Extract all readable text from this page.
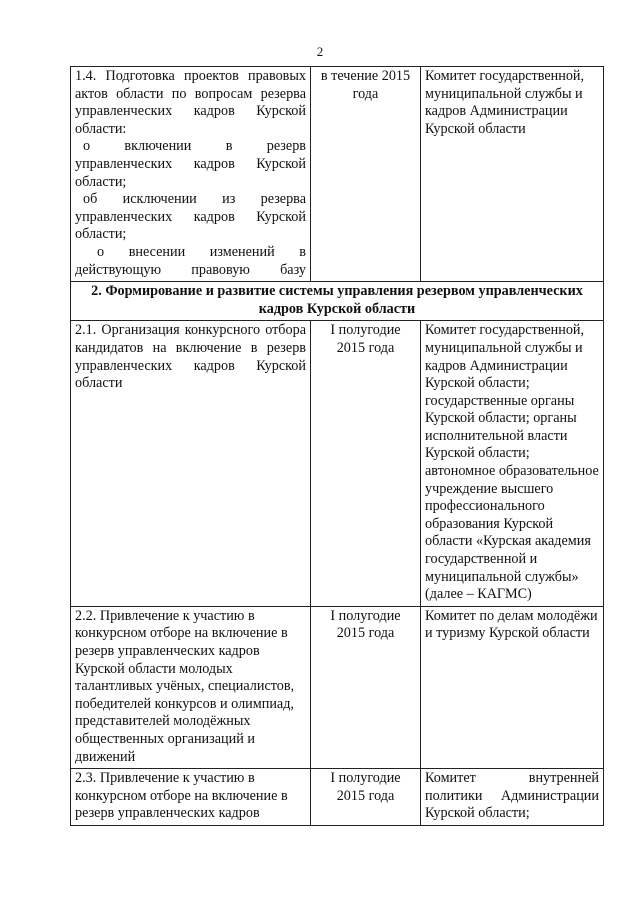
2
1.4. Подготовка проектов правовых актов области по вопросам резерва управленческих кадров Курской области:
о включении в резерв управленческих кадров Курской области;
об исключении из резерва управленческих кадров Курской области;
о внесении изменений в действующую правовую базу	в течение 2015 года	Комитет государственной, муниципальной службы и кадров Администрации Курской области
2. Формирование и развитие системы управления резервом управленческих кадров Курской области		
2.1. Организация конкурсного отбора кандидатов на включение в резерв управленческих кадров Курской области	I полугодие 2015 года	Комитет государственной, муниципальной службы и кадров Администрации Курской области; государственные органы Курской области; органы исполнительной власти Курской области; автономное образовательное учреждение высшего профессионального образования Курской области «Курская академия государственной и муниципальной службы» (далее – КАГМС)
2.2. Привлечение к участию в конкурсном отборе на включение в резерв управленческих кадров Курской области молодых талантливых учёных, специалистов, победителей конкурсов и олимпиад, представителей молодёжных общественных организаций и движений	I полугодие 2015 года	Комитет по делам молодёжи и туризму Курской области
2.3. Привлечение к участию в конкурсном отборе на включение в резерв управленческих кадров	I полугодие 2015 года	Комитет внутренней политики Администрации Курской области;
